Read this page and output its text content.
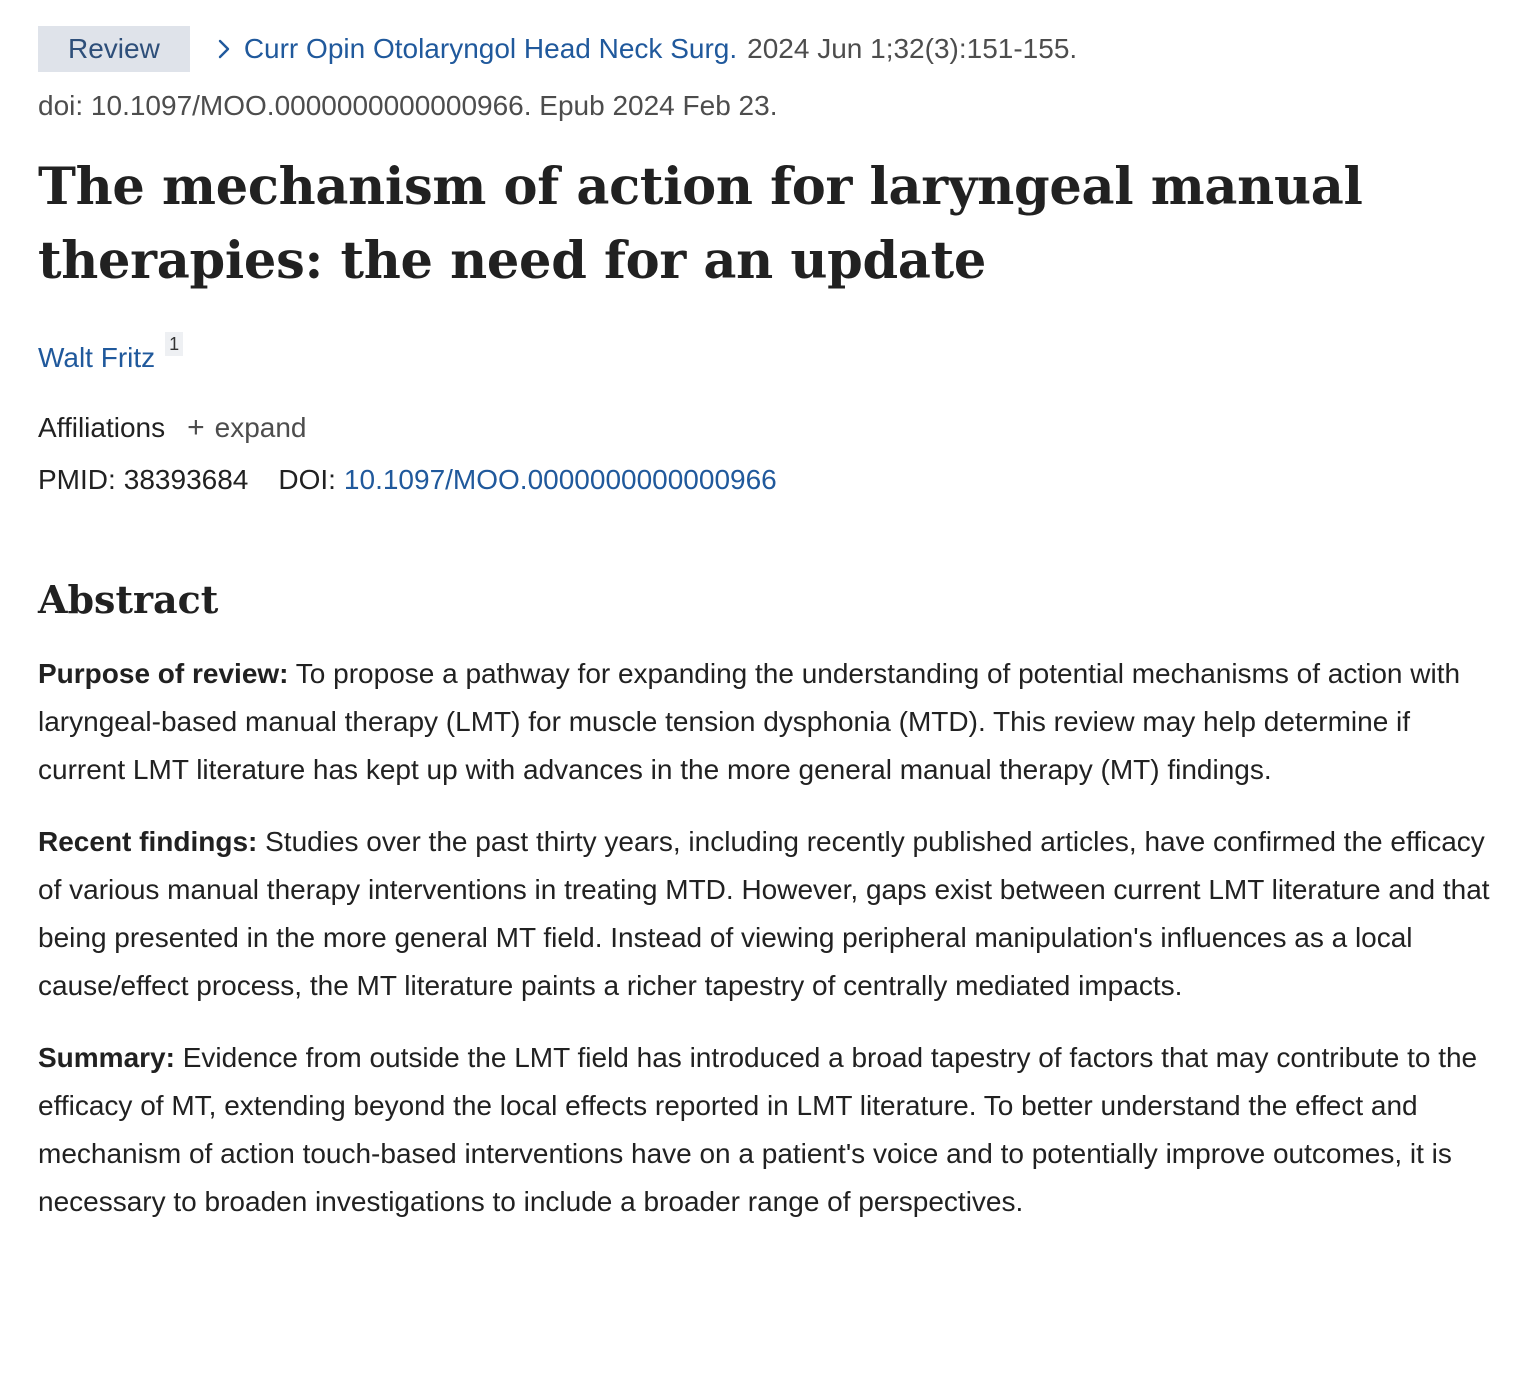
Review	Curr Opin Otolaryngol Head Neck Surg. 2024 Jun 1;32(3):151-155.
doi: 10.1097/MOO.0000000000000966. Epub 2024 Feb 23.
The mechanism of action for laryngeal manual therapies: the need for an update
Walt Fritz 1
Affiliations + expand
PMID: 38393684 DOI: 10.1097/MOO.0000000000000966
Abstract

Purpose of review: To propose a pathway for expanding the understanding of potential mechanisms of action with laryngeal-based manual therapy (LMT) for muscle tension dysphonia (MTD). This review may help determine if current LMT literature has kept up with advances in the more general manual therapy (MT) findings.

Recent findings: Studies over the past thirty years, including recently published articles, have confirmed the efficacy of various manual therapy interventions in treating MTD. However, gaps exist between current LMT literature and that being presented in the more general MT field. Instead of viewing peripheral manipulation's influences as a local cause/effect process, the MT literature paints a richer tapestry of centrally mediated impacts.

Summary: Evidence from outside the LMT field has introduced a broad tapestry of factors that may contribute to the efficacy of MT, extending beyond the local effects reported in LMT literature. To better understand the effect and mechanism of action touch-based interventions have on a patient's voice and to potentially improve outcomes, it is necessary to broaden investigations to include a broader range of perspectives.
